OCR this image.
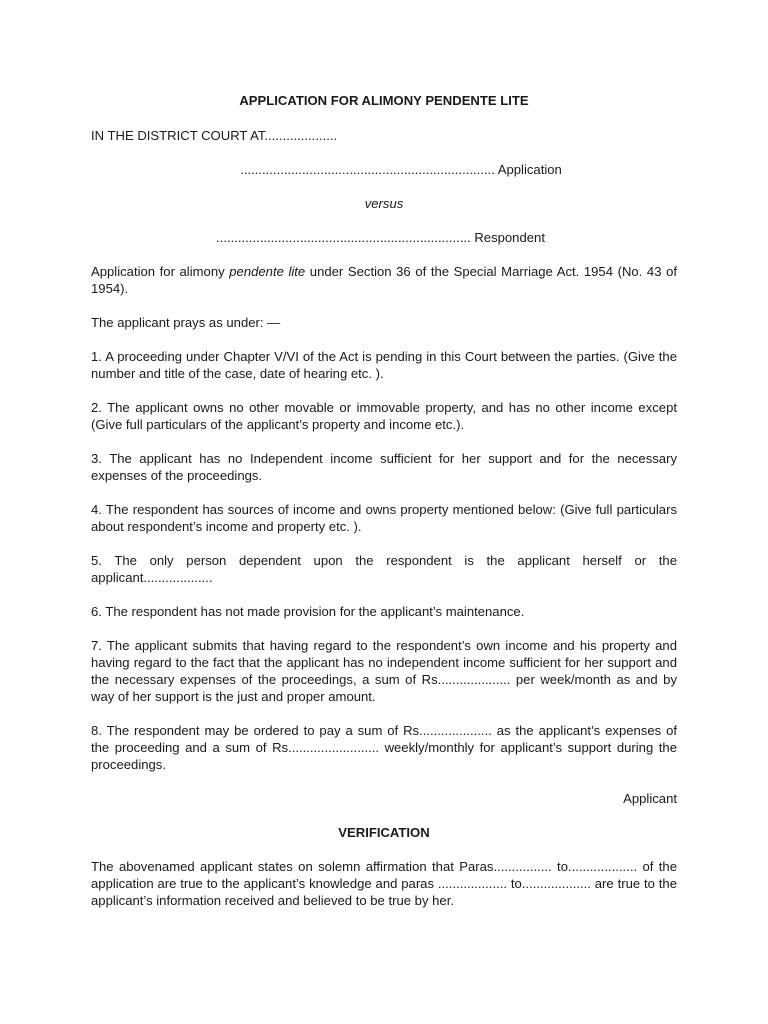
APPLICATION FOR ALIMONY PENDENTE LITE

IN THE DISTRICT COURT AT....................

...................................................................... Application

versus

...................................................................... Respondent

Application for alimony pendente lite under Section 36 of the Special Marriage Act. 1954 (No. 43 of 1954).

The applicant prays as under: —

1. A proceeding under Chapter V/VI of the Act is pending in this Court between the parties. (Give the number and title of the case, date of hearing etc. ).

2. The applicant owns no other movable or immovable property, and has no other income except (Give full particulars of the applicant’s property and income etc.).

3. The applicant has no Independent income sufficient for her support and for the necessary expenses of the proceedings.

4. The respondent has sources of income and owns property mentioned below: (Give full particulars about respondent’s income and property etc. ).

5. The only person dependent upon the respondent is the applicant herself or the applicant...................

6. The respondent has not made provision for the applicant’s maintenance.

7. The applicant submits that having regard to the respondent’s own income and his property and having regard to the fact that the applicant has no independent income sufficient for her support and the necessary expenses of the proceedings, a sum of Rs.................... per week/month as and by way of her support is the just and proper amount.

8. The respondent may be ordered to pay a sum of Rs.................... as the applicant’s expenses of the proceeding and a sum of Rs......................... weekly/monthly for applicant’s support during the proceedings.

Applicant

VERIFICATION

The abovenamed applicant states on solemn affirmation that Paras................ to................... of the application are true to the applicant’s knowledge and paras ................... to................... are true to the applicant’s information received and believed to be true by her.
